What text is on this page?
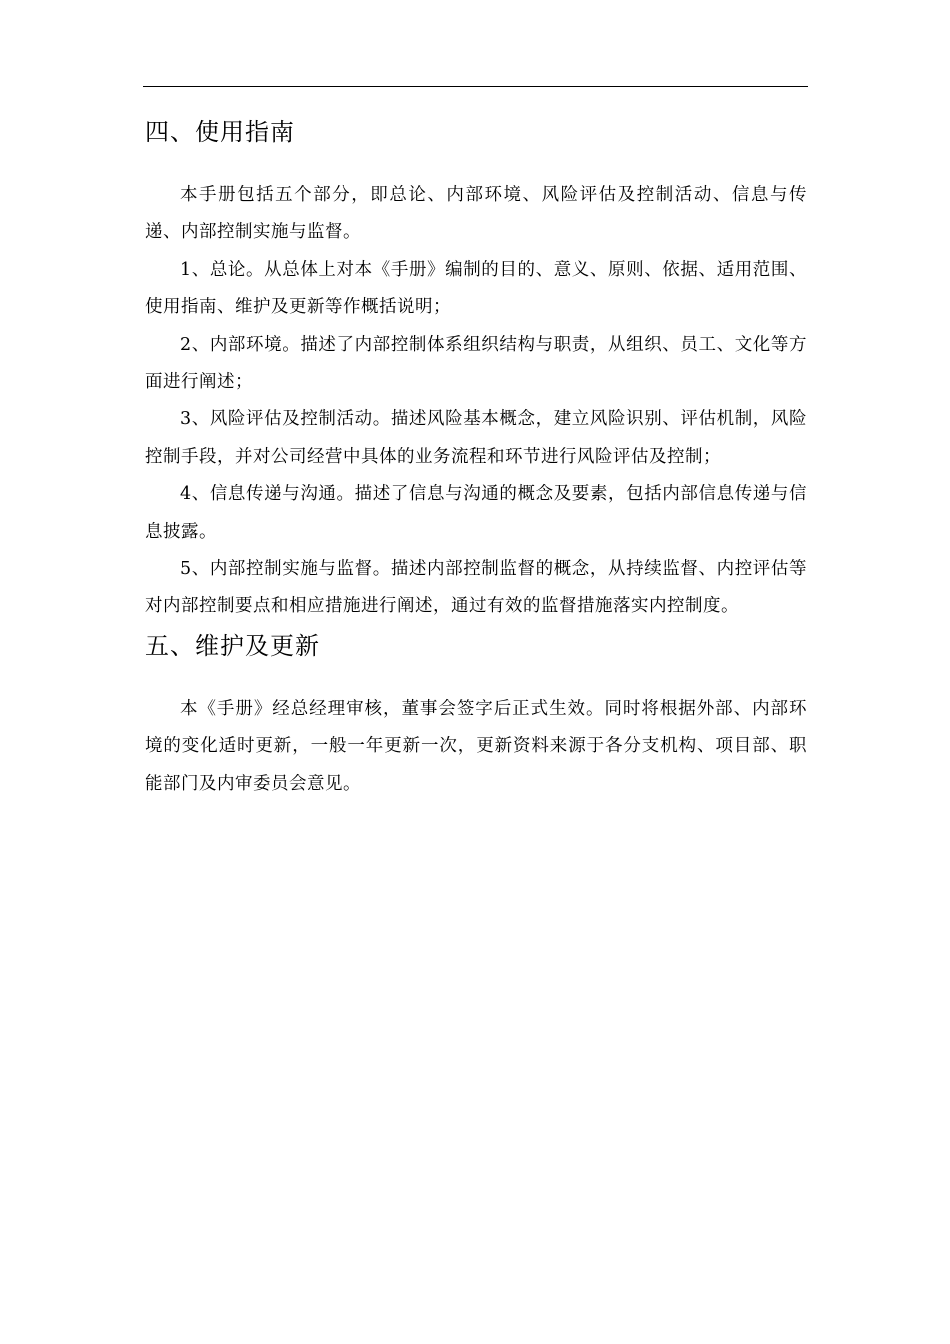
四、使用指南

本手册包括五个部分，即总论、内部环境、风险评估及控制活动、信息与传递、内部控制实施与监督。

1、总论。从总体上对本《手册》编制的目的、意义、原则、依据、适用范围、使用指南、维护及更新等作概括说明；

2、内部环境。描述了内部控制体系组织结构与职责，从组织、员工、文化等方面进行阐述；

3、风险评估及控制活动。描述风险基本概念，建立风险识别、评估机制，风险控制手段，并对公司经营中具体的业务流程和环节进行风险评估及控制；

4、信息传递与沟通。描述了信息与沟通的概念及要素，包括内部信息传递与信息披露。

5、内部控制实施与监督。描述内部控制监督的概念，从持续监督、内控评估等对内部控制要点和相应措施进行阐述，通过有效的监督措施落实内控制度。

五、维护及更新

本《手册》经总经理审核，董事会签字后正式生效。同时将根据外部、内部环境的变化适时更新，一般一年更新一次，更新资料来源于各分支机构、项目部、职能部门及内审委员会意见。
